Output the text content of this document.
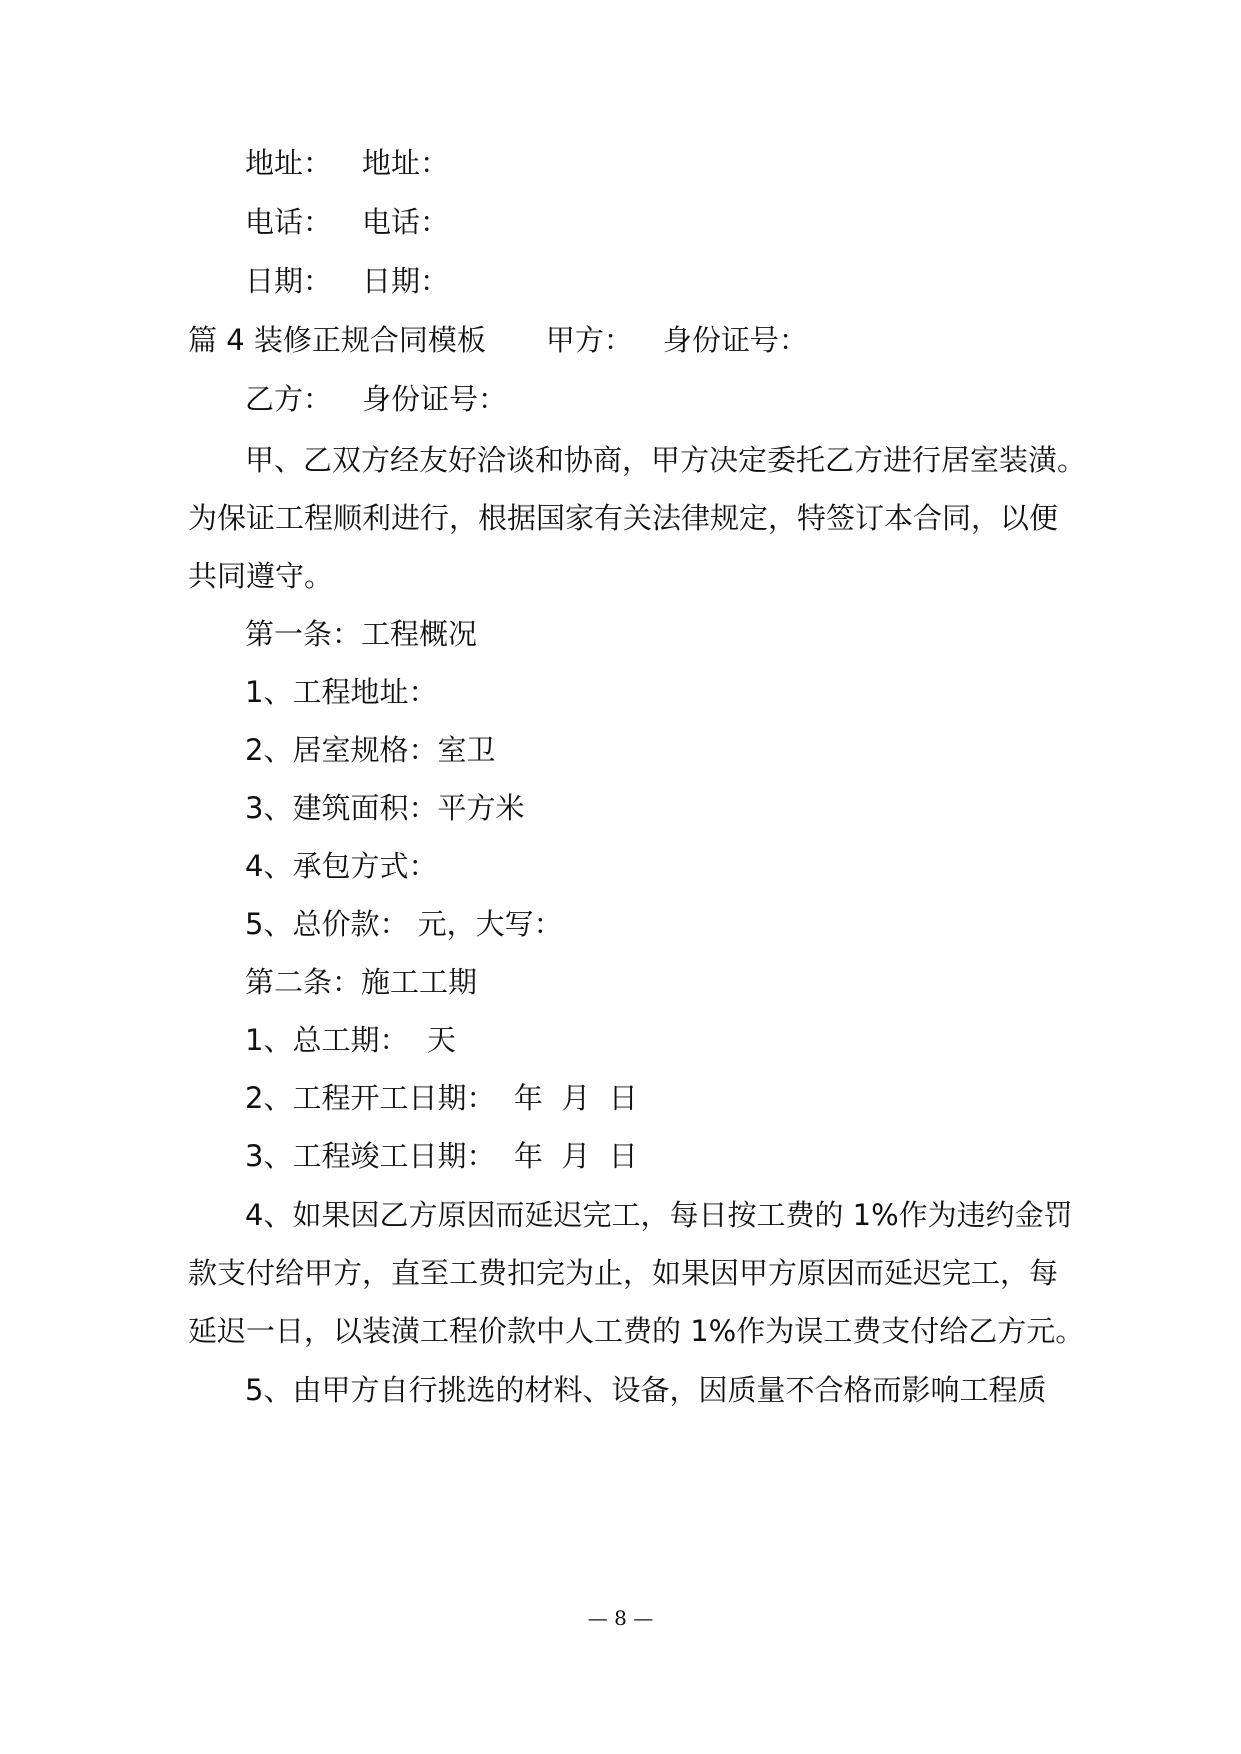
地址： 地址：
电话： 电话：
日期： 日期：
篇 4 装修正规合同模板 甲方： 身份证号：
乙方： 身份证号：
甲、乙双方经友好洽谈和协商，甲方决定委托乙方进行居室装潢。
为保证工程顺利进行，根据国家有关法律规定，特签订本合同，以便
共同遵守。
第一条：工程概况
1、工程地址：
2、居室规格：室卫
3、建筑面积：平方米
4、承包方式：
5、总价款： 元，大写：
第二条：施工工期
1、总工期：  天
2、工程开工日期：  年  月  日
3、工程竣工日期：  年  月  日
4、如果因乙方原因而延迟完工，每日按工费的 1%作为违约金罚
款支付给甲方，直至工费扣完为止，如果因甲方原因而延迟完工，每
延迟一日，以装潢工程价款中人工费的 1%作为误工费支付给乙方元。
5、由甲方自行挑选的材料、设备，因质量不合格而影响工程质
— 8 —
